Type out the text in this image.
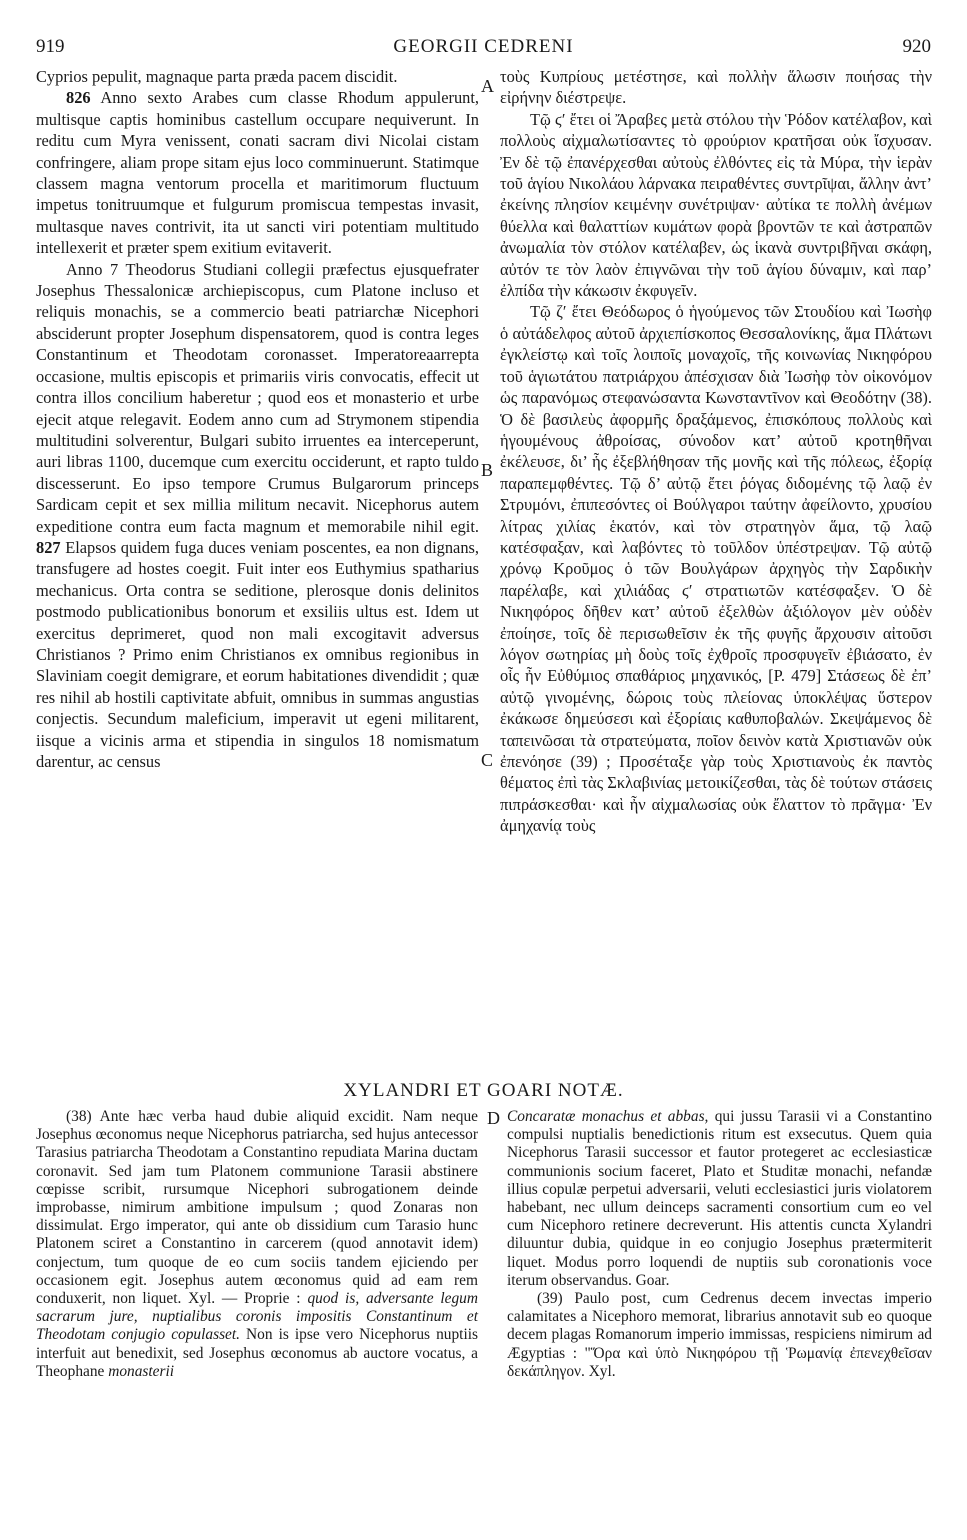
919	GEORGII CEDRENI	920

Cyprios pepulit, magnaque parta præda pacem discidit.

826 Anno sexto Arabes cum classe Rhodum appulerunt, multisque captis hominibus castellum occupare nequiverunt. In reditu cum Myra venissent, conati sacram divi Nicolai cistam confringere, aliam prope sitam ejus loco comminuerunt. Statimque classem magna ventorum procella et maritimorum fluctuum impetus tonitruumque et fulgurum promiscua tempestas invasit, multasque naves contrivit, ita ut sancti viri potentiam multitudo intellexerit et præter spem exitium evitaverit.

Anno 7 Theodorus Studiani collegii præfectus ejusquefrater Josephus Thessalonicæ archiepiscopus, cum Platone incluso et reliquis monachis, se a commercio beati patriarchæ Nicephori absciderunt propter Josephum dispensatorem, quod is contra leges Constantinum et Theodotam coronasset. Imperatoreaarrepta occasione, multis episcopis et primariis viris convocatis, effecit ut contra illos concilium haberetur ; quod eos et monasterio et urbe ejecit atque relegavit. Eodem anno cum ad Strymonem stipendia multitudini solverentur, Bulgari subito irruentes ea interceperunt, auri libras 1100, ducemque cum exercitu occiderunt, et rapto tuldo discesserunt. Eo ipso tempore Crumus Bulgarorum princeps Sardicam cepit et sex millia militum necavit. Nicephorus autem expeditione contra eum facta magnum et memorabile nihil egit. 827 Elapsos quidem fuga duces veniam poscentes, ea non dignans, transfugere ad hostes coegit. Fuit inter eos Euthymius spatharius mechanicus. Orta contra se seditione, plerosque donis delinitos postmodo publicationibus bonorum et exsiliis ultus est. Idem ut exercitus deprimeret, quod non mali excogitavit adversus Christianos ? Primo enim Christianos ex omnibus regionibus in Slaviniam coegit demigrare, et eorum habitationes divendidit ; quæ res nihil ab hostili captivitate abfuit, omnibus in summas angustias conjectis. Secundum maleficium, imperavit ut egeni militarent, iisque a vicinis arma et stipendia in singulos 18 nomismatum darentur, ac census

A
B
C
D

τοὺς Κυπρίους μετέστησε, καὶ πολλὴν ἅλωσιν ποιήσας τὴν εἰρήνην διέστρεψε.

Τῷ ϛʹ ἔτει οἱ Ἄραβες μετὰ στόλου τὴν Ῥόδον κατέλαβον, καὶ πολλοὺς αἰχμαλωτίσαντες τὸ φρούριον κρατῆσαι οὐκ ἴσχυσαν. Ἐν δὲ τῷ ἐπανέρχεσθαι αὐτοὺς ἐλθόντες εἰς τὰ Μύρα, τὴν ἱερὰν τοῦ ἁγίου Νικολάου λάρνακα πειραθέντες συντρῖψαι, ἄλλην ἀντ’ ἐκείνης πλησίον κειμένην συνέτριψαν· αὐτίκα τε πολλὴ ἀνέμων θύελλα καὶ θαλαττίων κυμάτων φορὰ βροντῶν τε καὶ ἀστραπῶν ἀνωμαλία τὸν στόλον κατέλαβεν, ὡς ἱκανὰ συντριβῆναι σκάφη, αὐτόν τε τὸν λαὸν ἐπιγνῶναι τὴν τοῦ ἁγίου δύναμιν, καὶ παρ’ ἐλπίδα τὴν κάκωσιν ἐκφυγεῖν.

Τῷ ζʹ ἔτει Θεόδωρος ὁ ἡγούμενος τῶν Στουδίου καὶ Ἰωσὴφ ὁ αὐτάδελφος αὐτοῦ ἀρχιεπίσκοπος Θεσσαλονίκης, ἅμα Πλάτωνι ἐγκλείστῳ καὶ τοῖς λοιποῖς μοναχοῖς, τῆς κοινωνίας Νικηφόρου τοῦ ἁγιωτάτου πατριάρχου ἀπέσχισαν διὰ Ἰωσὴφ τὸν οἰκονόμον ὡς παρανόμως στεφανώσαντα Κωνσταντῖνον καὶ Θεοδότην (38). Ὁ δὲ βασιλεὺς ἀφορμῆς δραξάμενος, ἐπισκόπους πολλοὺς καὶ ἡγουμένους ἀθροίσας, σύνοδον κατ’ αὐτοῦ κροτηθῆναι ἐκέλευσε, δι’ ἧς ἐξεβλήθησαν τῆς μονῆς καὶ τῆς πόλεως, ἐξορίᾳ παραπεμφθέντες. Τῷ δ’ αὐτῷ ἔτει ῥόγας διδομένης τῷ λαῷ ἐν Στρυμόνι, ἐπιπεσόντες οἱ Βούλγαροι ταύτην ἀφείλοντο, χρυσίου λίτρας χιλίας ἑκατόν, καὶ τὸν στρατηγὸν ἅμα, τῷ λαῷ κατέσφαξαν, καὶ λαβόντες τὸ τοῦλδον ὑπέστρεψαν. Τῷ αὐτῷ χρόνῳ Κροῦμος ὁ τῶν Βουλγάρων ἀρχηγὸς τὴν Σαρδικὴν παρέλαβε, καὶ χιλιάδας ϛʹ στρατιωτῶν κατέσφαξεν. Ὁ δὲ Νικηφόρος δῆθεν κατ’ αὐτοῦ ἐξελθὼν ἀξιόλογον μὲν οὐδὲν ἐποίησε, τοῖς δὲ περισωθεῖσιν ἐκ τῆς φυγῆς ἄρχουσιν αἰτοῦσι λόγον σωτηρίας μὴ δοὺς τοῖς ἐχθροῖς προσφυγεῖν ἐβιάσατο, ἐν οἷς ἦν Εὐθύμιος σπαθάριος μηχανικός, [P. 479] Στάσεως δὲ ἐπ’ αὐτῷ γινομένης, δώροις τοὺς πλείονας ὑποκλέψας ὕστερον ἐκάκωσε δημεύσεσι καὶ ἐξορίαις καθυποβαλών. Σκεψάμενος δὲ ταπεινῶσαι τὰ στρατεύματα, ποῖον δεινὸν κατὰ Χριστιανῶν οὐκ ἐπενόησε (39) ; Προσέταξε γὰρ τοὺς Χριστιανοὺς ἐκ παντὸς θέματος ἐπὶ τὰς Σκλαβινίας μετοικίζεσθαι, τὰς δὲ τούτων στάσεις πιπράσκεσθαι· καὶ ἦν αἰχμαλωσίας οὐκ ἔλαττον τὸ πρᾶγμα· Ἐν ἀμηχανίᾳ τοὺς

XYLANDRI ET GOARI NOTÆ.

(38) Ante hæc verba haud dubie aliquid excidit. Nam neque Josephus œconomus neque Nicephorus patriarcha, sed hujus antecessor Tarasius patriarcha Theodotam a Constantino repudiata Marina ductam coronavit. Sed jam tum Platonem communione Tarasii abstinere cœpisse scribit, rursumque Nicephori subrogationem deinde improbasse, nimirum ambitione impulsum ; quod Zonaras non dissimulat. Ergo imperator, qui ante ob dissidium cum Tarasio hunc Platonem sciret a Constantino in carcerem (quod annotavit idem) conjectum, tum quoque de eo cum sociis tandem ejiciendo per occasionem egit. Josephus autem œconomus quid ad eam rem conduxerit, non liquet. Xyl. — Proprie : quod is, adversante legum sacrarum jure, nuptialibus coronis impositis Constantinum et Theodotam conjugio copulasset. Non is ipse vero Nicephorus nuptiis interfuit aut benedixit, sed Josephus œconomus ab auctore vocatus, a Theophane monasterii

Concaratæ monachus et abbas, qui jussu Tarasii vi a Constantino compulsi nuptialis benedictionis ritum est exsecutus. Quem quia Nicephorus Tarasii successor et fautor protegeret ac ecclesiasticæ communionis socium faceret, Plato et Studitæ monachi, nefandæ illius copulæ perpetui adversarii, veluti ecclesiastici juris violatorem habebant, nec ullum deinceps sacramenti consortium cum eo vel cum Nicephoro retinere decreverunt. His attentis cuncta Xylandri diluuntur dubia, quidque in eo conjugio Josephus prætermiterit liquet. Modus porro loquendi de nuptiis sub coronationis voce iterum observandus. Goar.

(39) Paulo post, cum Cedrenus decem invectas imperio calamitates a Nicephoro memorat, librarius annotavit sub eo quoque decem plagas Romanorum imperio immissas, respiciens nimirum ad Ægyptias : "Ὅρα καὶ ὑπὸ Νικηφόρου τῇ Ῥωμανίᾳ ἐπενεχθεῖσαν δεκάπληγον. Xyl.
